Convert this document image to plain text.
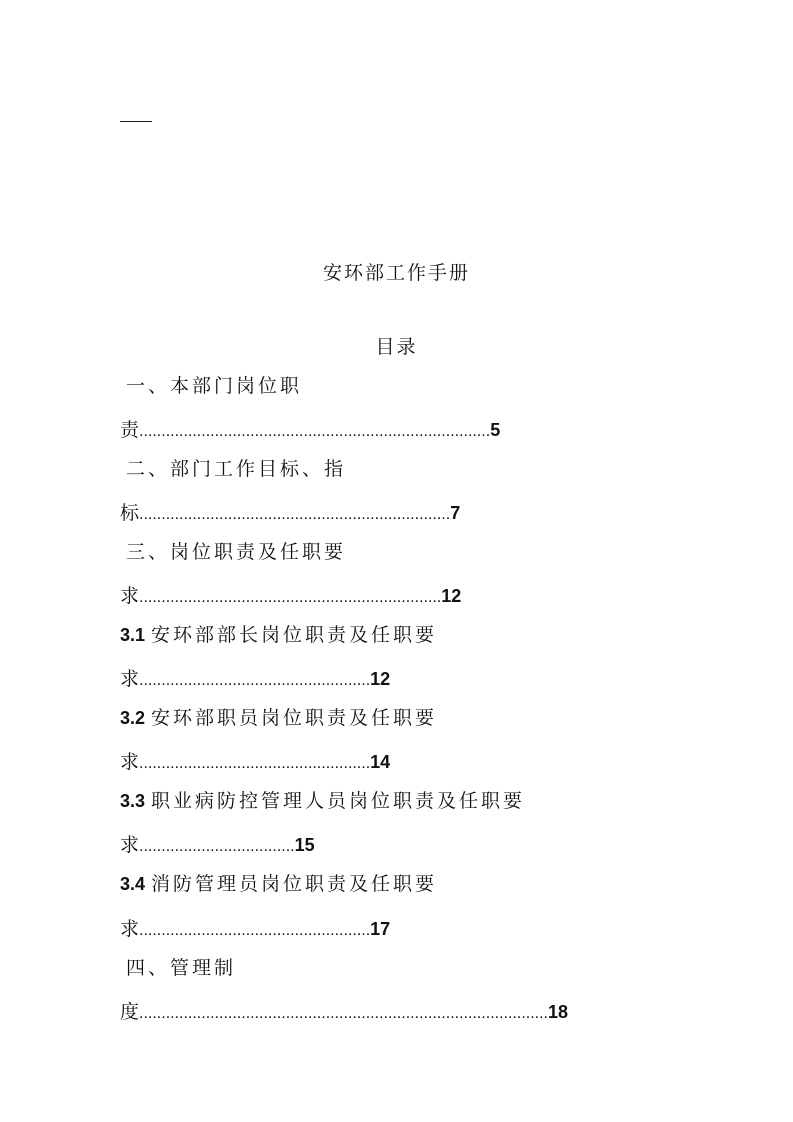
安环部工作手册
目录
一、本部门岗位职
责...............................................................................5
二、部门工作目标、指
标......................................................................7
三、岗位职责及任职要
求....................................................................12
3.1 安环部部长岗位职责及任职要
求....................................................12
3.2 安环部职员岗位职责及任职要
求....................................................14
3.3 职业病防控管理人员岗位职责及任职要
求...................................15
3.4 消防管理员岗位职责及任职要
求....................................................17
四、管理制
度............................................................................................18
